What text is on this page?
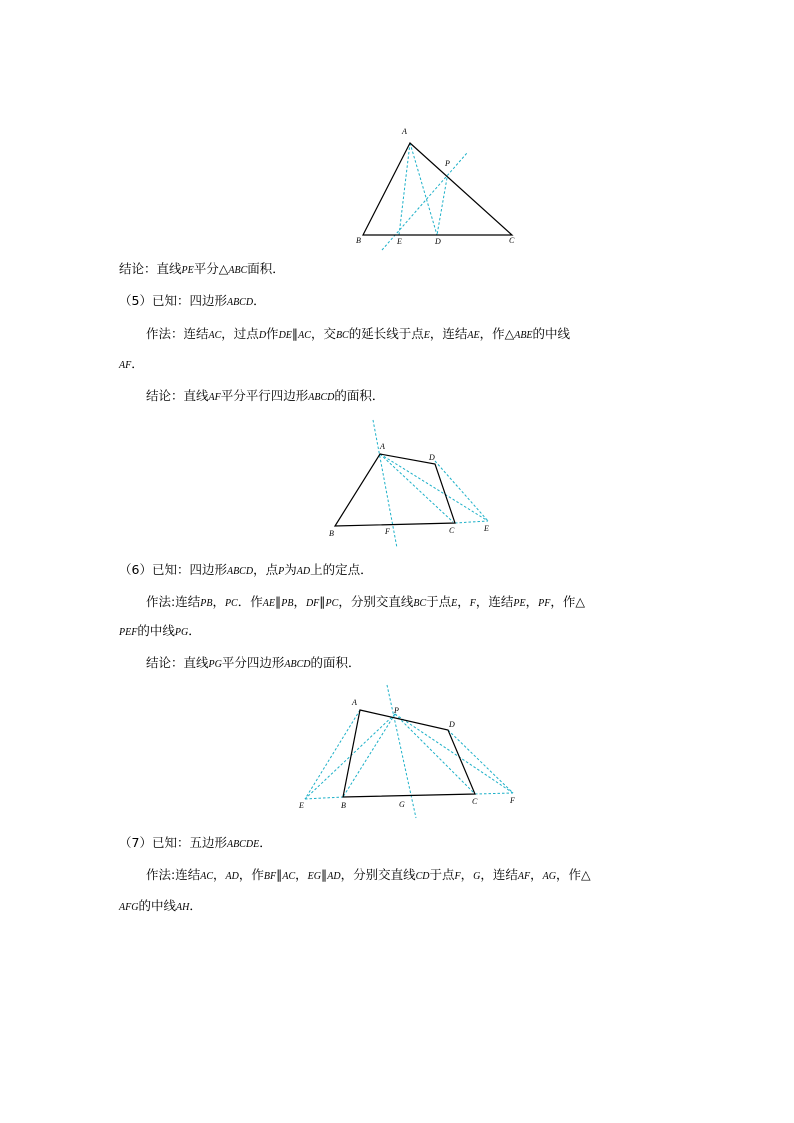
A
P
B	E	D	C
结论：直线PE平分△ABC面积．
（5）已知：四边形ABCD．
作法：连结AC，过点D作DE∥AC，交BC的延长线于点E，连结AE，作△ABE的中线
AF．
结论：直线AF平分平行四边形ABCD的面积．
A
D
B	F	C	E
（6）已知：四边形ABCD，点P为AD上的定点．
作法:连结PB，PC．作AE∥PB，DF∥PC，分别交直线BC于点E，F，连结PE，PF，作△
PEF的中线PG．
结论：直线PG平分四边形ABCD的面积．
A
P
D
E	B	G	C	F
（7）已知：五边形ABCDE．
作法:连结AC，AD，作BF∥AC，EG∥AD，分别交直线CD于点F，G，连结AF，AG，作△
AFG的中线AH．
